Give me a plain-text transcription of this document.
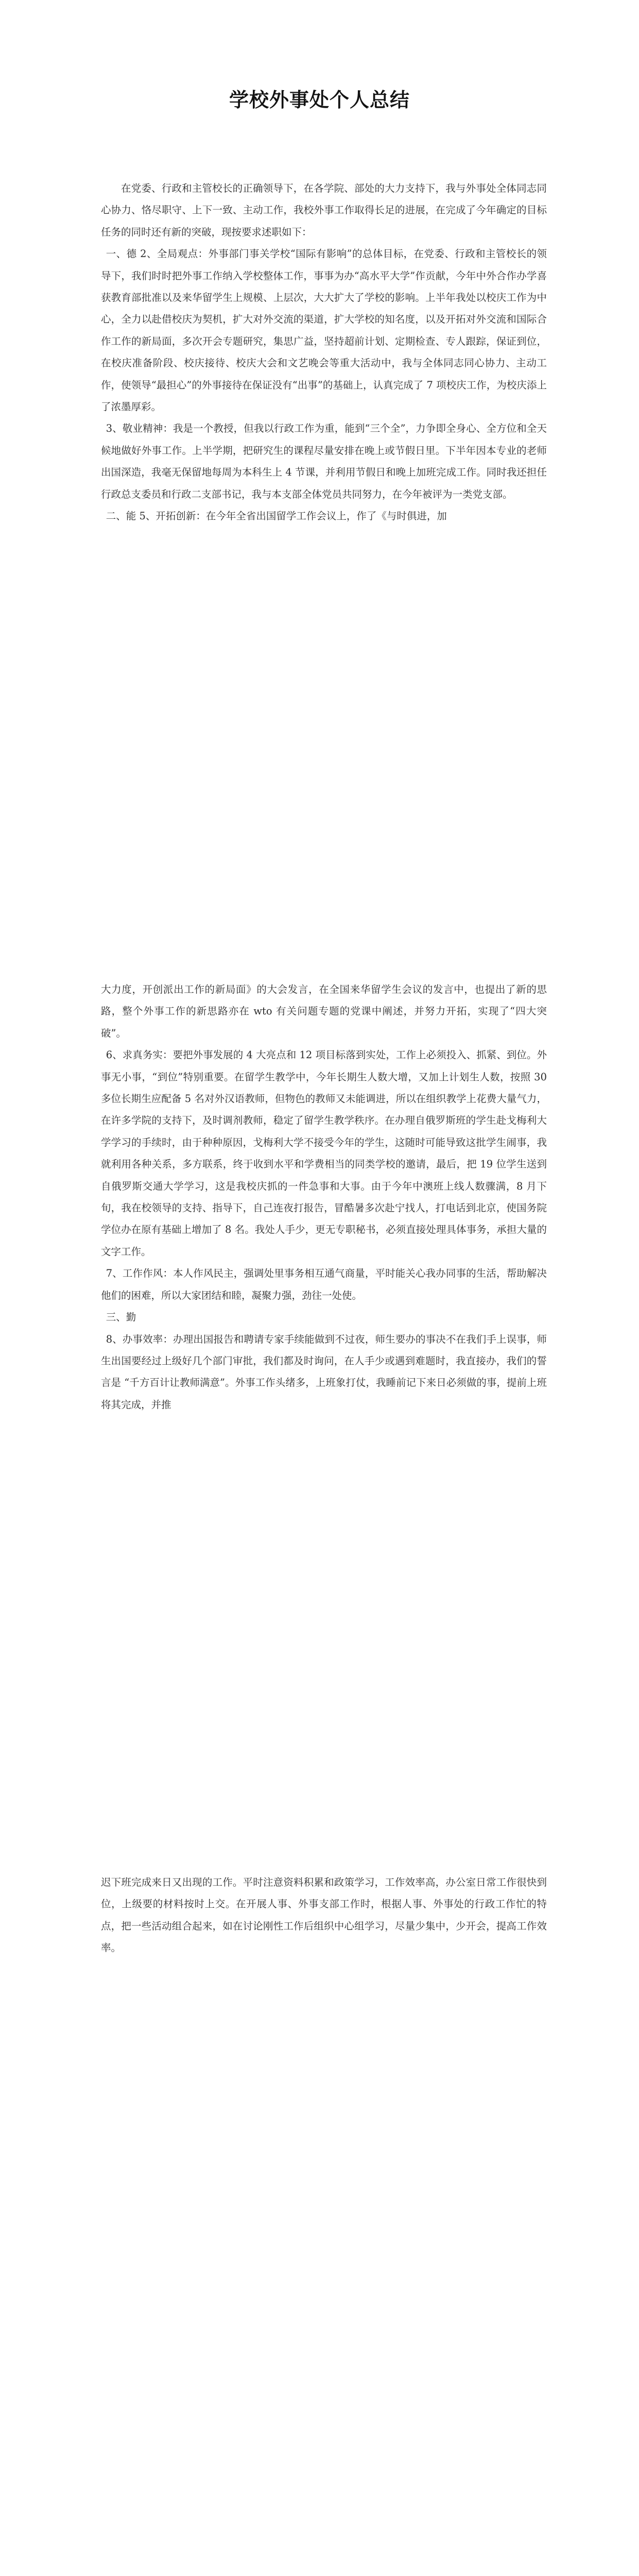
学校外事处个人总结

在党委、行政和主管校长的正确领导下，在各学院、部处的大力支持下，我与外事处全体同志同心协力、恪尽职守、上下一致、主动工作，我校外事工作取得长足的进展，在完成了今年确定的目标任务的同时还有新的突破，现按要求述职如下：

一、德 2、全局观点：外事部门事关学校“国际有影响”的总体目标，在党委、行政和主管校长的领导下，我们时时把外事工作纳入学校整体工作，事事为办“高水平大学”作贡献，今年中外合作办学喜获教育部批准以及来华留学生上规模、上层次，大大扩大了学校的影响。上半年我处以校庆工作为中心，全力以赴借校庆为契机，扩大对外交流的渠道，扩大学校的知名度，以及开拓对外交流和国际合作工作的新局面，多次开会专题研究，集思广益，坚持超前计划、定期检查、专人跟踪，保证到位，在校庆准备阶段、校庆接待、校庆大会和文艺晚会等重大活动中，我与全体同志同心协力、主动工作，使领导“最担心”的外事接待在保证没有“出事”的基础上，认真完成了 7 项校庆工作，为校庆添上了浓墨厚彩。

3、敬业精神：我是一个教授，但我以行政工作为重，能到“三个全”，力争即全身心、全方位和全天候地做好外事工作。上半学期，把研究生的课程尽量安排在晚上或节假日里。下半年因本专业的老师出国深造，我毫无保留地每周为本科生上 4 节课，并利用节假日和晚上加班完成工作。同时我还担任行政总支委员和行政二支部书记，我与本支部全体党员共同努力，在今年被评为一类党支部。

二、能 5、开拓创新：在今年全省出国留学工作会议上，作了《与时俱进，加

大力度，开创派出工作的新局面》的大会发言，在全国来华留学生会议的发言中，也提出了新的思路，整个外事工作的新思路亦在 wto 有关问题专题的党课中阐述，并努力开拓，实现了“四大突破”。

6、求真务实：要把外事发展的 4 大亮点和 12 项目标落到实处，工作上必须投入、抓紧、到位。外事无小事，“到位”特别重要。在留学生教学中，今年长期生人数大增，又加上计划生人数，按照 30 多位长期生应配备 5 名对外汉语教师，但物色的教师又未能调进，所以在组织教学上花费大量气力，在许多学院的支持下，及时调剂教师，稳定了留学生教学秩序。在办理自俄罗斯班的学生赴戈梅利大学学习的手续时，由于种种原因，戈梅利大学不接受今年的学生，这随时可能导致这批学生闹事，我就利用各种关系，多方联系，终于收到水平和学费相当的同类学校的邀请，最后，把 19 位学生送到自俄罗斯交通大学学习，这是我校庆抓的一件急事和大事。由于今年中澳班上线人数骤满，8 月下旬，我在校领导的支持、指导下，自己连夜打报告，冒酷暑多次赴宁找人，打电话到北京，使国务院学位办在原有基础上增加了 8 名。我处人手少，更无专职秘书，必须直接处理具体事务，承担大量的文字工作。

7、工作作风：本人作风民主，强调处里事务相互通气商量，平时能关心我办同事的生活，帮助解决他们的困难，所以大家团结和睦，凝聚力强，劲往一处使。

三、勤

8、办事效率：办理出国报告和聘请专家手续能做到不过夜，师生要办的事决不在我们手上误事，师生出国要经过上级好几个部门审批，我们都及时询问，在人手少或遇到难题时，我直接办，我们的誓言是 “千方百计让教师满意”。外事工作头绪多，上班象打仗，我睡前记下来日必须做的事，提前上班将其完成，并推

迟下班完成来日又出现的工作。平时注意资料积累和政策学习，工作效率高，办公室日常工作很快到位，上级要的材料按时上交。在开展人事、外事支部工作时，根据人事、外事处的行政工作忙的特点，把一些活动组合起来，如在讨论刚性工作后组织中心组学习，尽量少集中，少开会，提高工作效率。
